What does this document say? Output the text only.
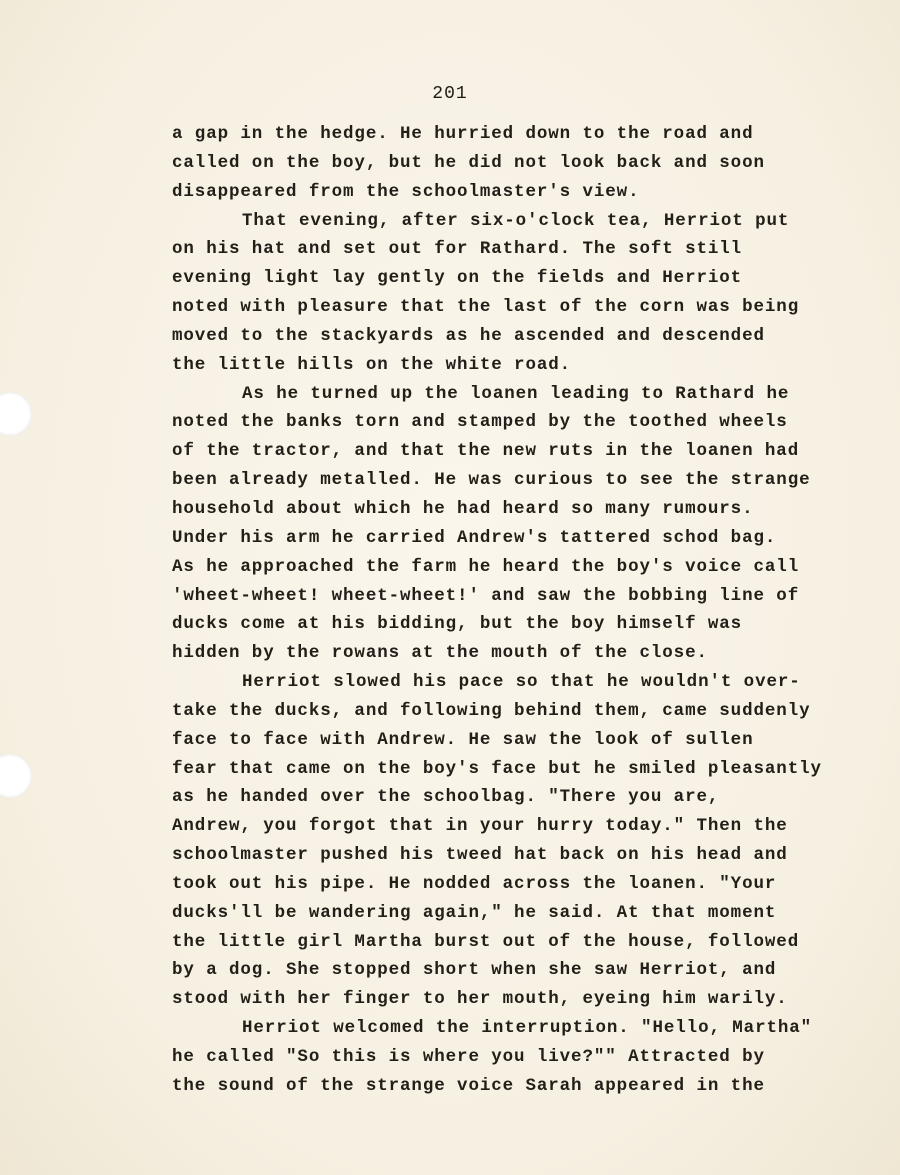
201
a gap in the hedge. He hurried down to the road and
called on the boy, but he did not look back and soon
disappeared from the schoolmaster's view.
That evening, after six-o'clock tea, Herriot put
on his hat and set out for Rathard. The soft still
evening light lay gently on the fields and Herriot
noted with pleasure that the last of the corn was being
moved to the stackyards as he ascended and descended
the little hills on the white road.
As he turned up the loanen leading to Rathard he
noted the banks torn and stamped by the toothed wheels
of the tractor, and that the new ruts in the loanen had
been already metalled. He was curious to see the strange
household about which he had heard so many rumours.
Under his arm he carried Andrew's tattered schod bag.
As he approached the farm he heard the boy's voice call
'wheet-wheet! wheet-wheet!' and saw the bobbing line of
ducks come at his bidding, but the boy himself was
hidden by the rowans at the mouth of the close.
Herriot slowed his pace so that he wouldn't over-
take the ducks, and following behind them, came suddenly
face to face with Andrew. He saw the look of sullen
fear that came on the boy's face but he smiled pleasantly
as he handed over the schoolbag. "There you are,
Andrew, you forgot that in your hurry today." Then the
schoolmaster pushed his tweed hat back on his head and
took out his pipe. He nodded across the loanen. "Your
ducks'll be wandering again," he said. At that moment
the little girl Martha burst out of the house, followed
by a dog. She stopped short when she saw Herriot, and
stood with her finger to her mouth, eyeing him warily.
Herriot welcomed the interruption. "Hello, Martha"
he called "So this is where you live?"" Attracted by
the sound of the strange voice Sarah appeared in the
